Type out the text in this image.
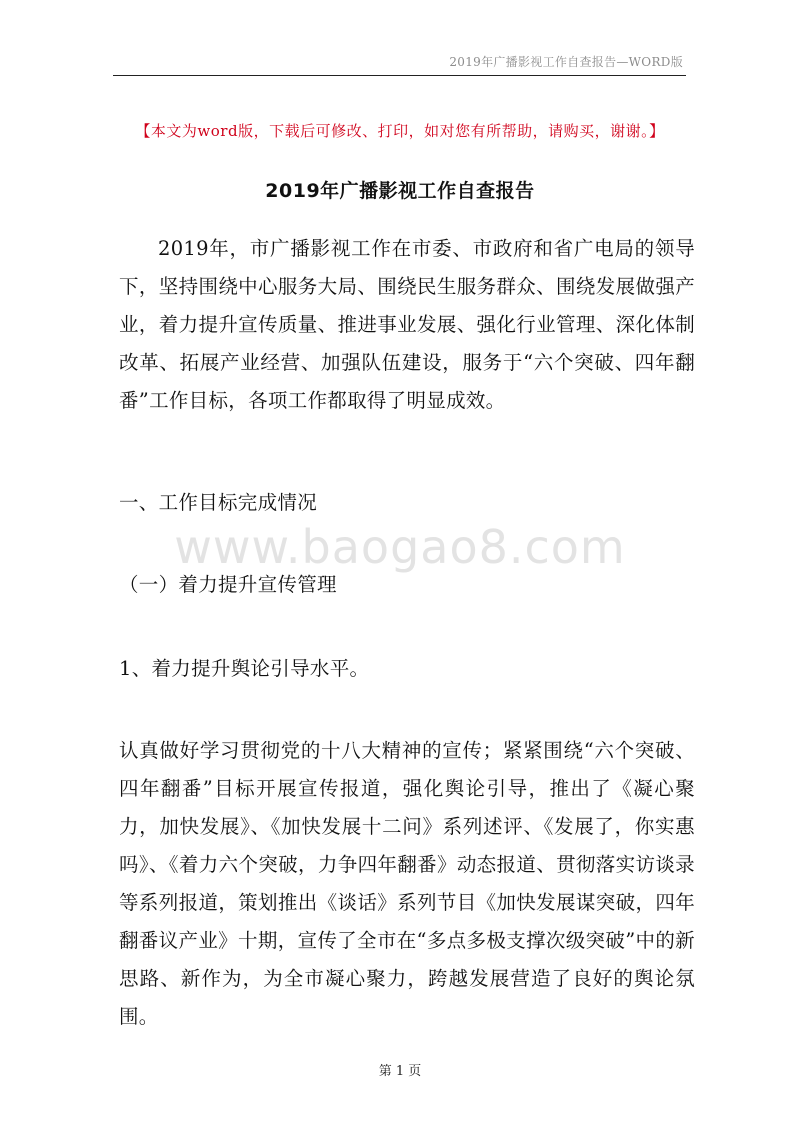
2019年广播影视工作自查报告—WORD版
【本文为word版，下载后可修改、打印，如对您有所帮助，请购买，谢谢。】
2019年广播影视工作自查报告
2019年，市广播影视工作在市委、市政府和省广电局的领导下，坚持围绕中心服务大局、围绕民生服务群众、围绕发展做强产业，着力提升宣传质量、推进事业发展、强化行业管理、深化体制改革、拓展产业经营、加强队伍建设，服务于“六个突破、四年翻番”工作目标，各项工作都取得了明显成效。
一、工作目标完成情况
www.baogao8.com
（一）着力提升宣传管理
1、着力提升舆论引导水平。
认真做好学习贯彻党的十八大精神的宣传；紧紧围绕“六个突破、四年翻番”目标开展宣传报道，强化舆论引导，推出了《凝心聚力，加快发展》、《加快发展十二问》系列述评、《发展了，你实惠吗》、《着力六个突破，力争四年翻番》动态报道、贯彻落实访谈录等系列报道，策划推出《谈话》系列节目《加快发展谋突破，四年翻番议产业》十期，宣传了全市在“多点多极支撑次级突破”中的新思路、新作为，为全市凝心聚力，跨越发展营造了良好的舆论氛围。
第 1 页
